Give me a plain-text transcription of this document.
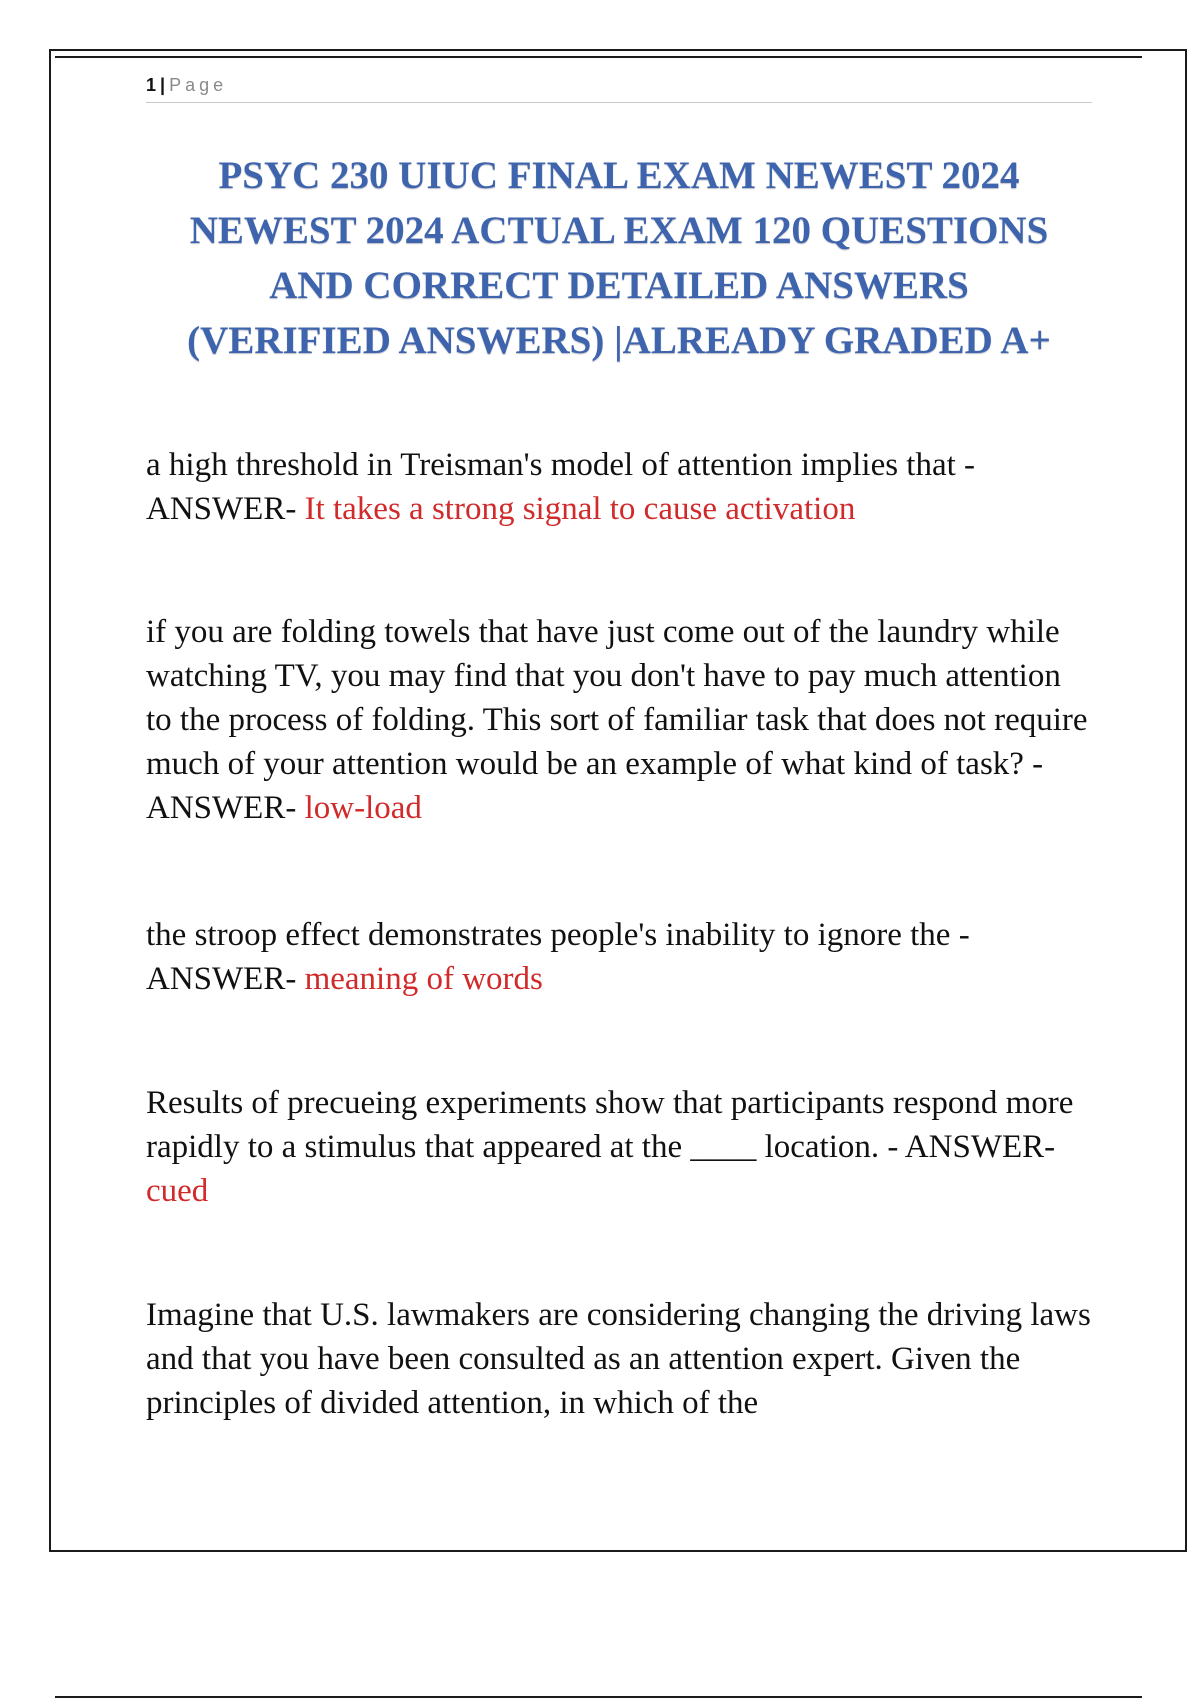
1 | Page
PSYC 230 UIUC FINAL EXAM NEWEST 2024
NEWEST 2024 ACTUAL EXAM 120 QUESTIONS
AND CORRECT DETAILED ANSWERS
(VERIFIED ANSWERS) |ALREADY GRADED A+

a high threshold in Treisman's model of attention implies that - ANSWER- It takes a strong signal to cause activation

if you are folding towels that have just come out of the laundry while watching TV, you may find that you don't have to pay much attention to the process of folding. This sort of familiar task that does not require much of your attention would be an example of what kind of task? - ANSWER- low-load

the stroop effect demonstrates people's inability to ignore the - ANSWER- meaning of words

Results of precueing experiments show that participants respond more rapidly to a stimulus that appeared at the ____ location. - ANSWER- cued

Imagine that U.S. lawmakers are considering changing the driving laws and that you have been consulted as an attention expert. Given the principles of divided attention, in which of the
